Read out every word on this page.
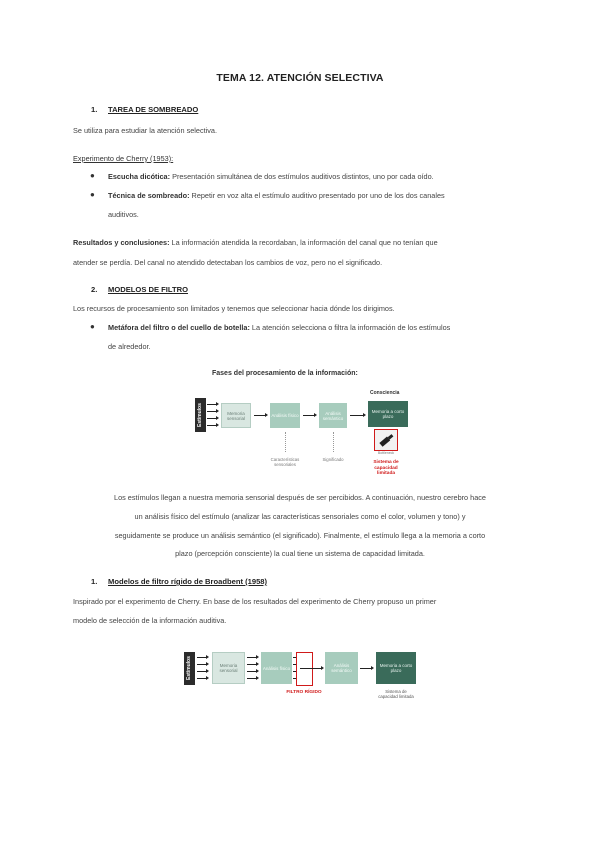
TEMA 12. ATENCIÓN SELECTIVA
1. TAREA DE SOMBREADO
Se utiliza para estudiar la atención selectiva.
Experimento de Cherry (1953):
● Escucha dicótica: Presentación simultánea de dos estímulos auditivos distintos, uno por cada oído.
● Técnica de sombreado: Repetir en voz alta el estímulo auditivo presentado por uno de los dos canales
auditivos.
Resultados y conclusiones: La información atendida la recordaban, la información del canal que no tenían que
atender se perdía. Del canal no atendido detectaban los cambios de voz, pero no el significado.
2. MODELOS DE FILTRO
Los recursos de procesamiento son limitados y tenemos que seleccionar hacia dónde los dirigimos.
● Metáfora del filtro o del cuello de botella: La atención selecciona o filtra la información de los estímulos
de alrededor.
Fases del procesamiento de la información:
Estímulos	Memoria sensorial	Análisis físico	Análisis semántico
Consciencia
Memoria a corto plazo
Bottleneck
Características sensoriales
Significado
Sistema de capacidad limitada
Los estímulos llegan a nuestra memoria sensorial después de ser percibidos. A continuación, nuestro cerebro hace
un análisis físico del estímulo (analizar las características sensoriales como el color, volumen y tono) y
seguidamente se produce un análisis semántico (el significado). Finalmente, el estímulo llega a la memoria a corto
plazo (percepción consciente) la cual tiene un sistema de capacidad limitada.
1. Modelos de filtro rígido de Broadbent (1958)
Inspirado por el experimento de Cherry. En base de los resultados del experimento de Cherry propuso un primer
modelo de selección de la información auditiva.
Estímulos	Memoria sensorial	Análisis físico
FILTRO RÍGIDO
Análisis semántico
Memoria a corto plazo
Sistema de capacidad limitada
